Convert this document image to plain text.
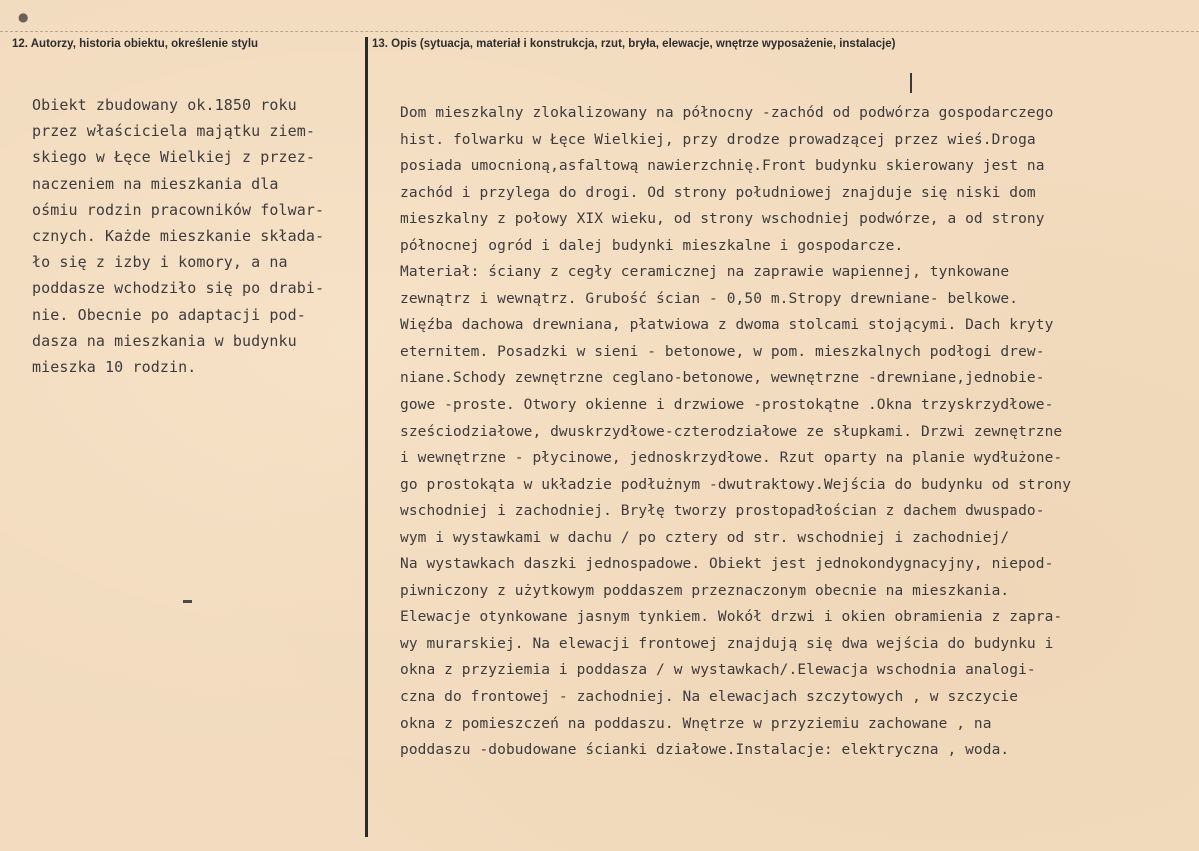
●
12. Autorzy, historia obiektu, określenie stylu	13. Opis (sytuacja, materiał i konstrukcja, rzut, bryła, elewacje, wnętrze wyposażenie, instalacje)
Obiekt zbudowany ok.1850 roku
przez właściciela majątku ziem-
skiego w Łęce Wielkiej z przez-
naczeniem na mieszkania dla
ośmiu rodzin pracowników folwar-
cznych. Każde mieszkanie składa-
ło się z izby i komory, a na
poddasze wchodziło się po drabi-
nie. Obecnie po adaptacji pod-
dasza na mieszkania w budynku
mieszka 10 rodzin.
Dom mieszkalny zlokalizowany na północny -zachód od podwórza gospodarczego
hist. folwarku w Łęce Wielkiej, przy drodze prowadzącej przez wieś.Droga
posiada umocnioną,asfaltową nawierzchnię.Front budynku skierowany jest na
zachód i przylega do drogi. Od strony południowej znajduje się niski dom
mieszkalny z połowy XIX wieku, od strony wschodniej podwórze, a od strony
północnej ogród i dalej budynki mieszkalne i gospodarcze.
Materiał: ściany z cegły ceramicznej na zaprawie wapiennej, tynkowane
zewnątrz i wewnątrz. Grubość ścian - 0,50 m.Stropy drewniane- belkowe.
Więźba dachowa drewniana, płatwiowa z dwoma stolcami stojącymi. Dach kryty
eternitem. Posadzki w sieni - betonowe, w pom. mieszkalnych podłogi drew-
niane.Schody zewnętrzne ceglano-betonowe, wewnętrzne -drewniane,jednobie-
gowe -proste. Otwory okienne i drzwiowe -prostokątne .Okna trzyskrzydłowe-
sześciodziałowe, dwuskrzydłowe-czterodziałowe ze słupkami. Drzwi zewnętrzne
i wewnętrzne - płycinowe, jednoskrzydłowe. Rzut oparty na planie wydłużone-
go prostokąta w układzie podłużnym -dwutraktowy.Wejścia do budynku od strony
wschodniej i zachodniej. Bryłę tworzy prostopadłościan z dachem dwuspado-
wym i wystawkami w dachu / po cztery od str. wschodniej i zachodniej/
Na wystawkach daszki jednospadowe. Obiekt jest jednokondygnacyjny, niepod-
piwniczony z użytkowym poddaszem przeznaczonym obecnie na mieszkania.
Elewacje otynkowane jasnym tynkiem. Wokół drzwi i okien obramienia z zapra-
wy murarskiej. Na elewacji frontowej znajdują się dwa wejścia do budynku i
okna z przyziemia i poddasza / w wystawkach/.Elewacja wschodnia analogi-
czna do frontowej - zachodniej. Na elewacjach szczytowych , w szczycie
okna z pomieszczeń na poddaszu. Wnętrze w przyziemiu zachowane , na
poddaszu -dobudowane ścianki działowe.Instalacje: elektryczna , woda.
